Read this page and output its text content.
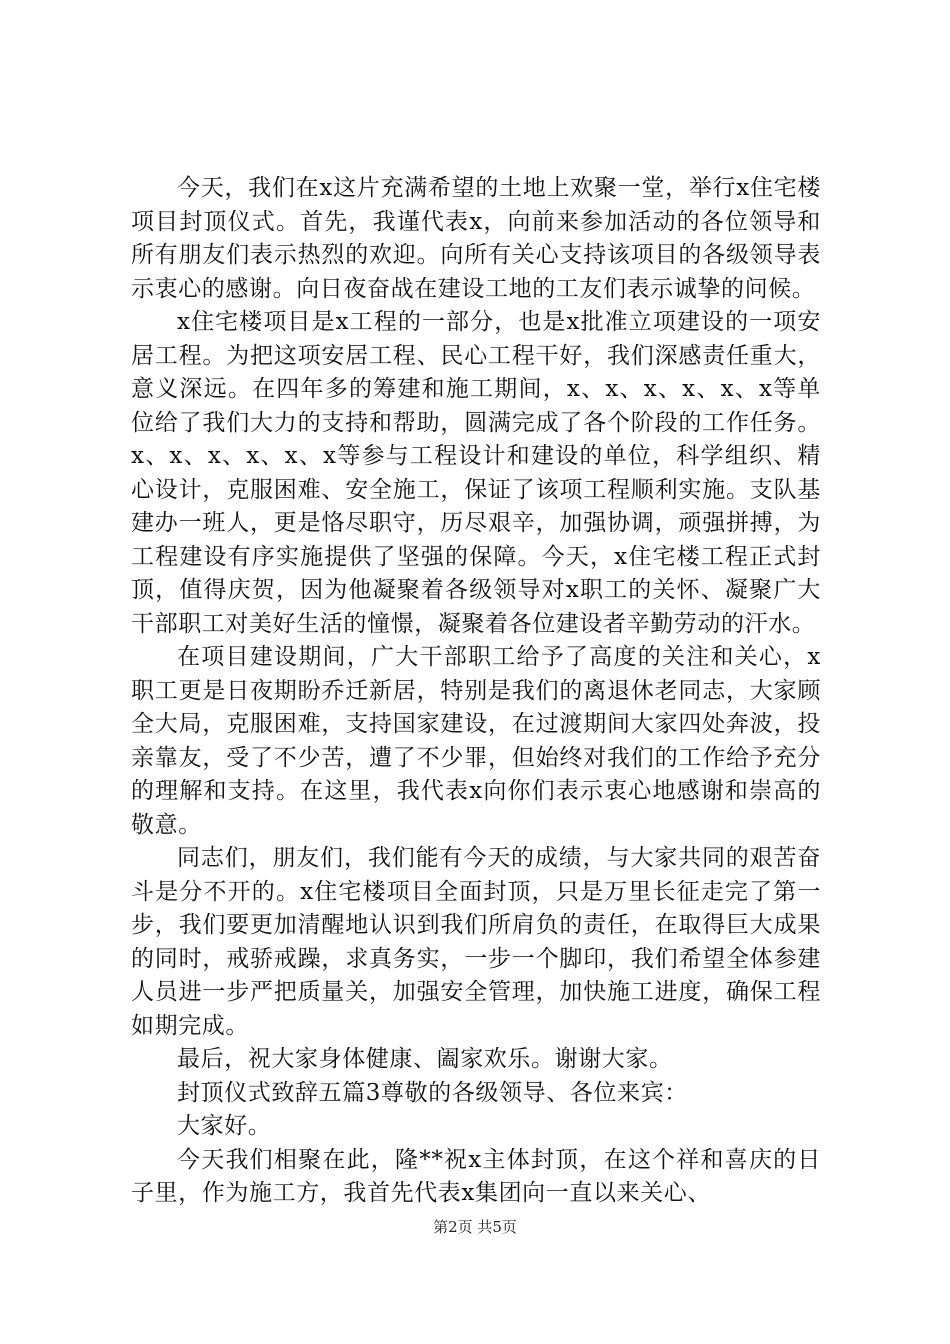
今天，我们在x这片充满希望的土地上欢聚一堂，举行x住宅楼项目封顶仪式。首先，我谨代表x，向前来参加活动的各位领导和所有朋友们表示热烈的欢迎。向所有关心支持该项目的各级领导表示衷心的感谢。向日夜奋战在建设工地的工友们表示诚挚的问候。

x住宅楼项目是x工程的一部分，也是x批准立项建设的一项安居工程。为把这项安居工程、民心工程干好，我们深感责任重大，意义深远。在四年多的筹建和施工期间，x、x、x、x、x、x等单位给了我们大力的支持和帮助，圆满完成了各个阶段的工作任务。x、x、x、x、x、x等参与工程设计和建设的单位，科学组织、精心设计，克服困难、安全施工，保证了该项工程顺利实施。支队基建办一班人，更是恪尽职守，历尽艰辛，加强协调，顽强拼搏，为工程建设有序实施提供了坚强的保障。今天，x住宅楼工程正式封顶，值得庆贺，因为他凝聚着各级领导对x职工的关怀、凝聚广大干部职工对美好生活的憧憬，凝聚着各位建设者辛勤劳动的汗水。

在项目建设期间，广大干部职工给予了高度的关注和关心，x职工更是日夜期盼乔迁新居，特别是我们的离退休老同志，大家顾全大局，克服困难，支持国家建设，在过渡期间大家四处奔波，投亲靠友，受了不少苦，遭了不少罪，但始终对我们的工作给予充分的理解和支持。在这里，我代表x向你们表示衷心地感谢和崇高的敬意。

同志们，朋友们，我们能有今天的成绩，与大家共同的艰苦奋斗是分不开的。x住宅楼项目全面封顶，只是万里长征走完了第一步，我们要更加清醒地认识到我们所肩负的责任，在取得巨大成果的同时，戒骄戒躁，求真务实，一步一个脚印，我们希望全体参建人员进一步严把质量关，加强安全管理，加快施工进度，确保工程如期完成。

最后，祝大家身体健康、阖家欢乐。谢谢大家。

封顶仪式致辞五篇3尊敬的各级领导、各位来宾：

大家好。

今天我们相聚在此，隆**祝x主体封顶，在这个祥和喜庆的日子里，作为施工方，我首先代表x集团向一直以来关心、

第2页 共5页
